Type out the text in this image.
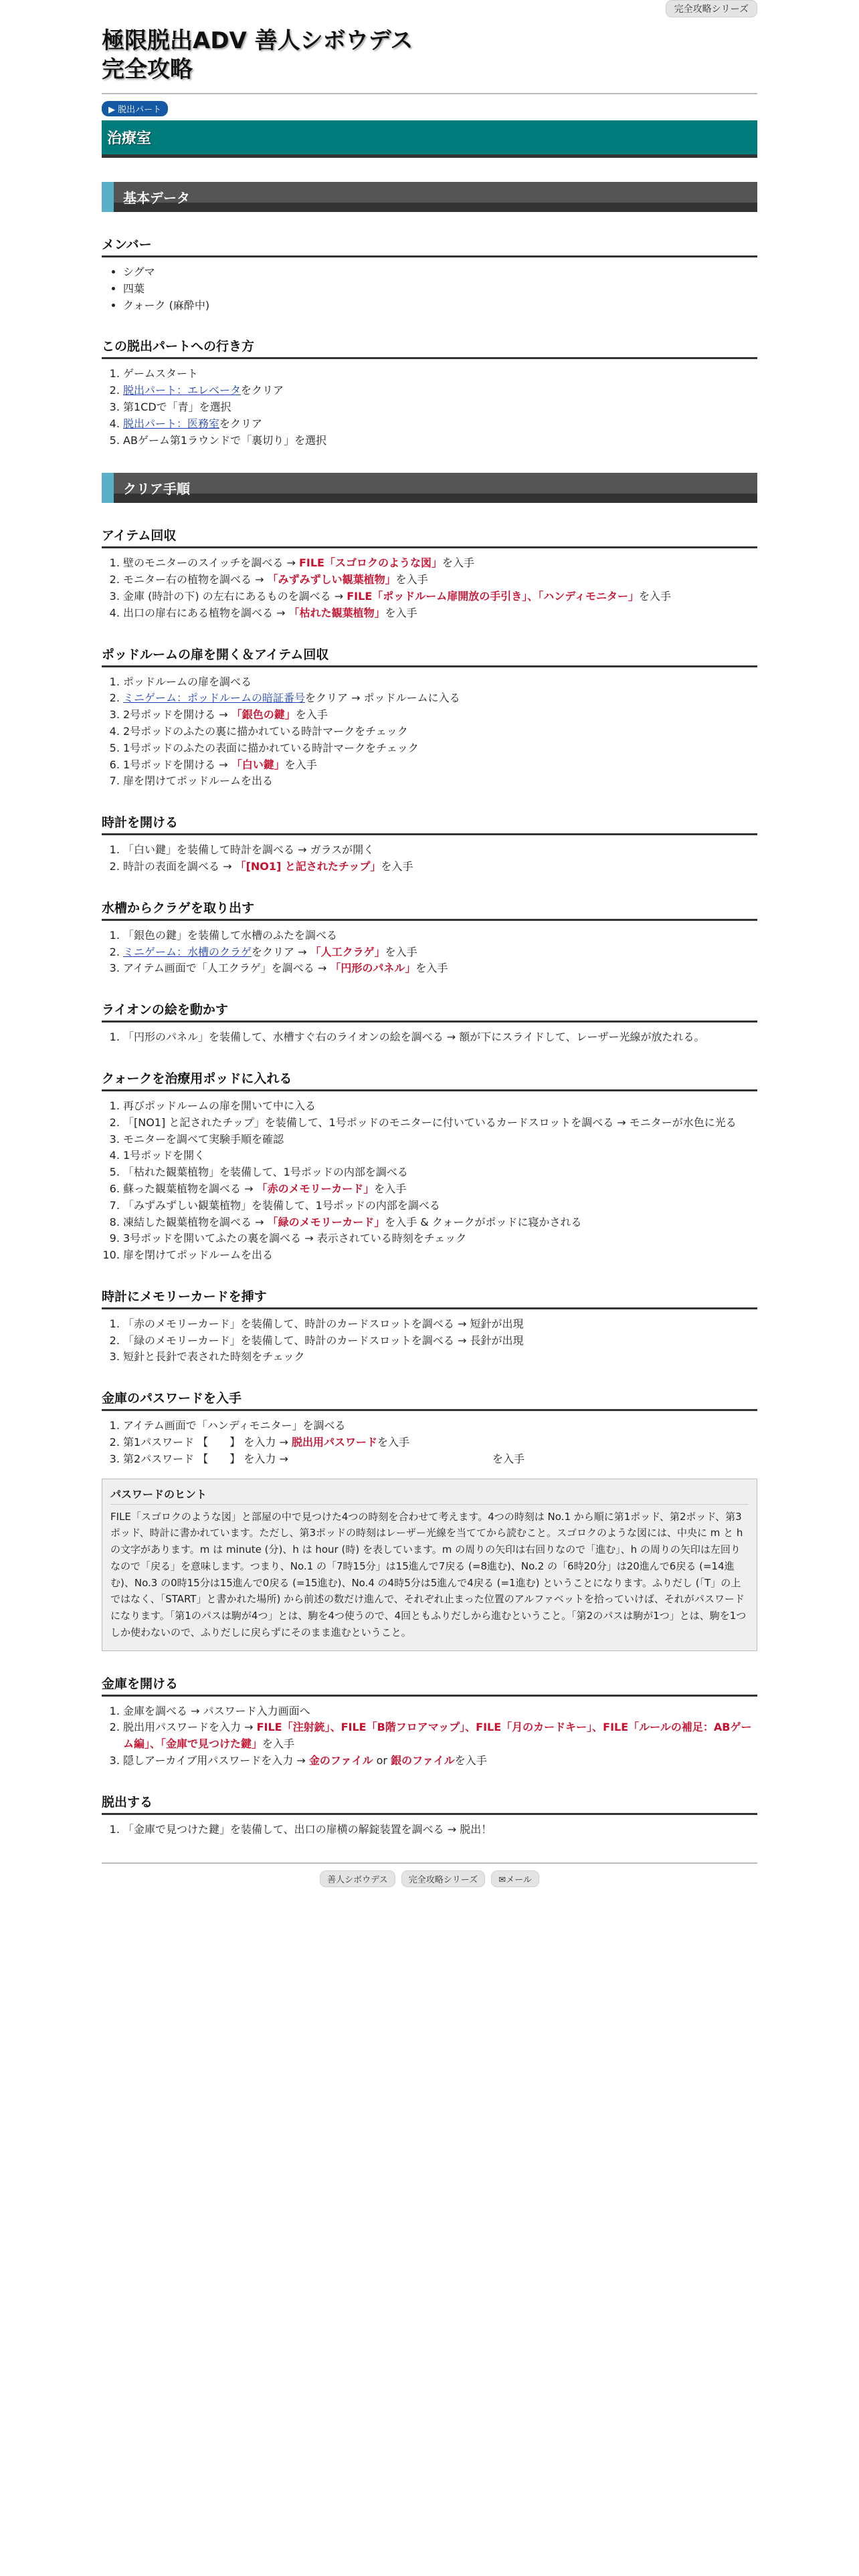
完全攻略シリーズ
極限脱出ADV 善人シボウデス
完全攻略
▶ 脱出パート
治療室
基本データ
メンバー
• シグマ
• 四葉
• クォーク (麻酔中)
この脱出パートへの行き方
1. ゲームスタート
2. 脱出パート：エレベータをクリア
3. 第1CDで「青」を選択
4. 脱出パート：医務室をクリア
5. ABゲーム第1ラウンドで「裏切り」を選択
クリア手順
アイテム回収
1. 壁のモニターのスイッチを調べる → FILE「スゴロクのような図」を入手
2. モニター右の植物を調べる → 「みずみずしい観葉植物」を入手
3. 金庫 (時計の下) の左右にあるものを調べる → FILE「ポッドルーム扉開放の手引き」、「ハンディモニター」を入手
4. 出口の扉右にある植物を調べる → 「枯れた観葉植物」を入手
ポッドルームの扉を開く＆アイテム回収
1. ポッドルームの扉を調べる
2. ミニゲーム：ポッドルームの暗証番号をクリア → ポッドルームに入る
3. 2号ポッドを開ける → 「銀色の鍵」を入手
4. 2号ポッドのふたの裏に描かれている時計マークをチェック
5. 1号ポッドのふたの表面に描かれている時計マークをチェック
6. 1号ポッドを開ける → 「白い鍵」を入手
7. 扉を閉けてポッドルームを出る
時計を開ける
1. 「白い鍵」を装備して時計を調べる → ガラスが開く
2. 時計の表面を調べる → 「[NO1] と記されたチップ」を入手
水槽からクラゲを取り出す
1. 「銀色の鍵」を装備して水槽のふたを調べる
2. ミニゲーム：水槽のクラゲをクリア → 「人工クラゲ」を入手
3. アイテム画面で「人工クラゲ」を調べる → 「円形のパネル」を入手
ライオンの絵を動かす
1. 「円形のパネル」を装備して、水槽すぐ右のライオンの絵を調べる → 額が下にスライドして、レーザー光線が放たれる。
クォークを治療用ポッドに入れる
1. 再びポッドルームの扉を開いて中に入る
2. 「[NO1] と記されたチップ」を装備して、1号ポッドのモニターに付いているカードスロットを調べる → モニターが水色に光る
3. モニターを調べて実験手順を確認
4. 1号ポッドを開く
5. 「枯れた観葉植物」を装備して、1号ポッドの内部を調べる
6. 蘇った観葉植物を調べる → 「赤のメモリーカード」を入手
7. 「みずみずしい観葉植物」を装備して、1号ポッドの内部を調べる
8. 凍結した観葉植物を調べる → 「緑のメモリーカード」を入手 & クォークがポッドに寝かされる
9. 3号ポッドを開いてふたの裏を調べる → 表示されている時刻をチェック
10. 扉を閉けてポッドルームを出る
時計にメモリーカードを挿す
1. 「赤のメモリーカード」を装備して、時計のカードスロットを調べる → 短針が出現
2. 「緑のメモリーカード」を装備して、時計のカードスロットを調べる → 長針が出現
3. 短針と長針で表された時刻をチェック
金庫のパスワードを入手
1. アイテム画面で「ハンディモニター」を調べる
2. 第1パスワード 【　　】 を入力 → 脱出用パスワードを入手
3. 第2パスワード 【　　】 を入力 →	を入手
パスワードのヒント
FILE「スゴロクのような図」と部屋の中で見つけた4つの時刻を合わせて考えます。4つの時刻は No.1 から順に第1ポッド、第2ポッド、第3ポッド、時計に書かれています。ただし、第3ポッドの時刻はレーザー光線を当ててから読むこと。スゴロクのような図には、中央に m と h の文字があります。m は minute (分)、h は hour (時) を表しています。m の周りの矢印は右回りなので「進む」、h の周りの矢印は左回りなので「戻る」を意味します。つまり、No.1 の「7時15分」は15進んで7戻る (=8進む)、No.2 の「6時20分」は20進んで6戻る (=14進む)、No.3 の0時15分は15進んで0戻る (=15進む)、No.4 の4時5分は5進んで4戻る (=1進む) ということになります。ふりだし (「T」の上ではなく、「START」と書かれた場所) から前述の数だけ進んで、それぞれ止まった位置のアルファベットを拾っていけば、それがパスワードになります。「第1のパスは駒が4つ」とは、駒を4つ使うので、4回ともふりだしから進むということ。「第2のパスは駒が1つ」とは、駒を1つしか使わないので、ふりだしに戻らずにそのまま進むということ。
金庫を開ける
1. 金庫を調べる → パスワード入力画面へ
2. 脱出用パスワードを入力 → FILE「注射銃」、FILE「B階フロアマップ」、FILE「月のカードキー」、FILE「ルールの補足：ABゲーム編」、「金庫で見つけた鍵」を入手
3. 隠しアーカイブ用パスワードを入力 → 金のファイル or 銀のファイルを入手
脱出する
1. 「金庫で見つけた鍵」を装備して、出口の扉横の解錠装置を調べる → 脱出！
善人シボウデス 完全攻略シリーズ ✉メール
